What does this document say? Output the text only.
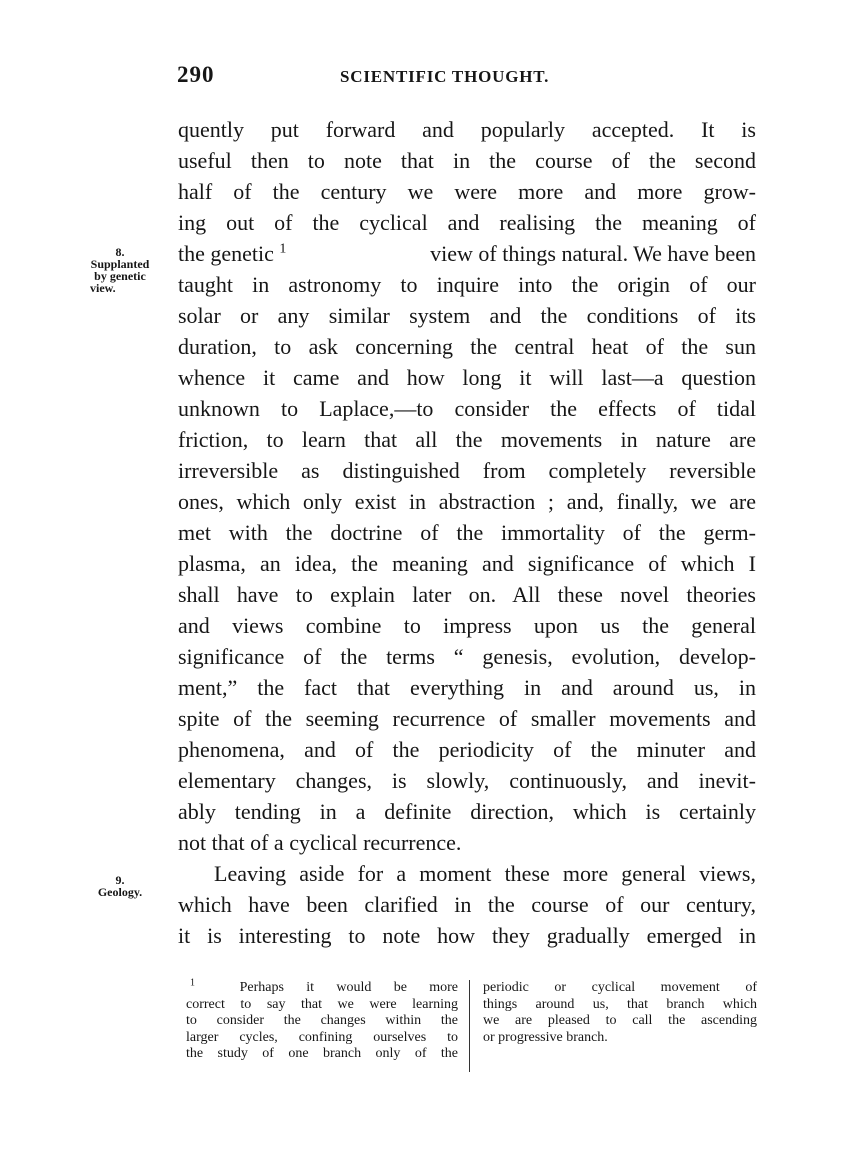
290	SCIENTIFIC THOUGHT.
8.
Supplanted
by genetic
view.
9.
Geology.
quently put forward and popularly accepted. It is
useful then to note that in the course of the second
half of the century we were more and more grow-
ing out of the cyclical and realising the meaning of
the genetic $^1$	view of things natural. We have been
taught in astronomy to inquire into the origin of our
solar or any similar system and the conditions of its
duration, to ask concerning the central heat of the sun
whence it came and how long it will last—a question
unknown to Laplace,—to consider the effects of tidal
friction, to learn that all the movements in nature are
irreversible as distinguished from completely reversible
ones, which only exist in abstraction ; and, finally, we are
met with the doctrine of the immortality of the germ-
plasma, an idea, the meaning and significance of which I
shall have to explain later on. All these novel theories
and views combine to impress upon us the general
significance of the terms “ genesis, evolution, develop-
ment,” the fact that everything in and around us, in
spite of the seeming recurrence of smaller movements and
phenomena, and of the periodicity of the minuter and
elementary changes, is slowly, continuously, and inevit-
ably tending in a definite direction, which is certainly
not that of a cyclical recurrence.
Leaving aside for a moment these more general views,
which have been clarified in the course of our century,
it is interesting to note how they gradually emerged in
$^1$	Perhaps it would be more
correct to say that we were learning
to consider the changes within the
larger cycles, confining ourselves to
the study of one branch only of the
periodic or cyclical movement of
things around us, that branch which
we are pleased to call the ascending
or progressive branch.
